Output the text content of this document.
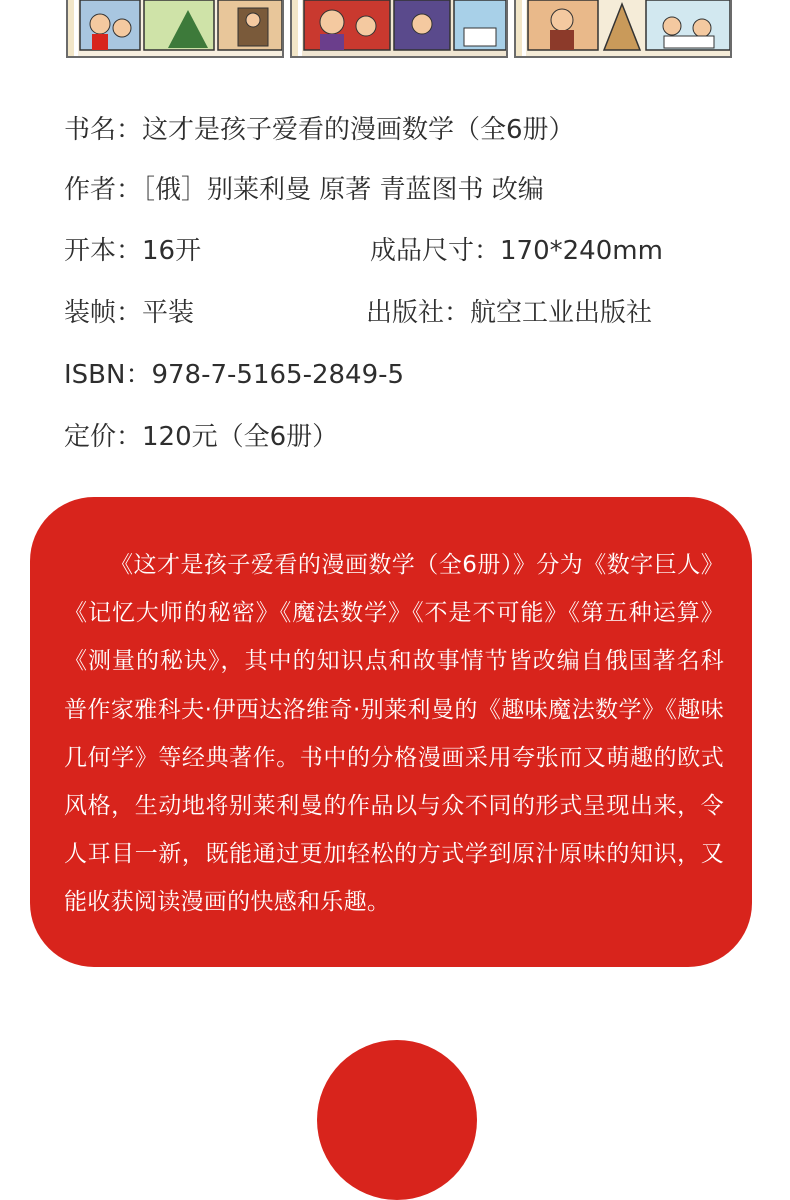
书名：这才是孩子爱看的漫画数学（全6册）
作者：［俄］别莱利曼 原著 青蓝图书 改编
开本：16开	成品尺寸：170*240mm
装帧：平装	出版社：航空工业出版社
ISBN：978-7-5165-2849-5
定价：120元（全6册）

《这才是孩子爱看的漫画数学（全6册）》分为《数字巨人》《记忆大师的秘密》《魔法数学》《不是不可能》《第五种运算》《测量的秘诀》，其中的知识点和故事情节皆改编自俄国著名科普作家雅科夫·伊西达洛维奇·别莱利曼的《趣味魔法数学》《趣味几何学》等经典著作。书中的分格漫画采用夸张而又萌趣的欧式风格，生动地将别莱利曼的作品以与众不同的形式呈现出来，令人耳目一新，既能通过更加轻松的方式学到原汁原味的知识，又能收获阅读漫画的快感和乐趣。
